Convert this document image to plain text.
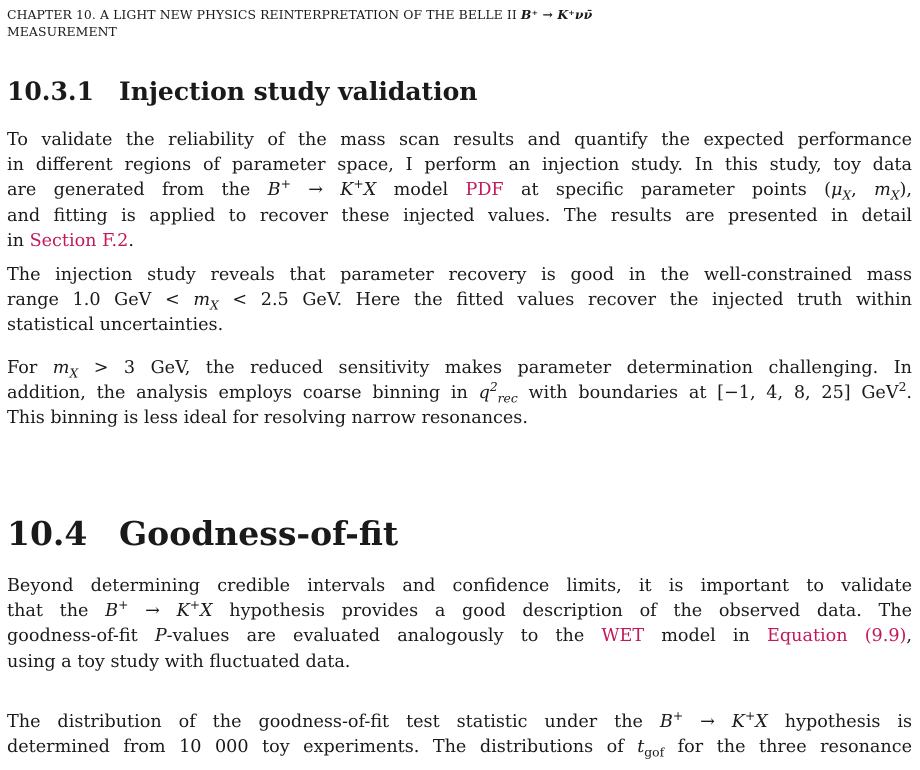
CHAPTER 10. A LIGHT NEW PHYSICS REINTERPRETATION OF THE BELLE II B⁺ → K⁺νν̄
MEASUREMENT
10.3.1 Injection study validation
To validate the reliability of the mass scan results and quantify the expected performance
in different regions of parameter space, I perform an injection study. In this study, toy data
are generated from the B+ → K+X model PDF at specific parameter points ($\mu_X$, $m_X$),
and fitting is applied to recover these injected values. The results are presented in detail
in Section F.2.
The injection study reveals that parameter recovery is good in the well-constrained mass
range 1.0 GeV < $m_X < 2.5$ GeV. Here the fitted values recover the injected truth within
statistical uncertainties.
For $m_X > 3$ GeV, the reduced sensitivity makes parameter determination challenging. In
addition, the analysis employs coarse binning in $q^2_{rec}$ with boundaries at [−1, 4, 8, 25] GeV$^2$.
This binning is less ideal for resolving narrow resonances.
10.4 Goodness-of-fit
Beyond determining credible intervals and confidence limits, it is important to validate
that the B+ → K+X hypothesis provides a good description of the observed data. The
goodness-of-fit P-values are evaluated analogously to the WET model in Equation (9.9),
using a toy study with fluctuated data.
The distribution of the goodness-of-fit test statistic under the B+ → K+X hypothesis is
determined from 10 000 toy experiments. The distributions of $t_{gof}$ for the three resonance
